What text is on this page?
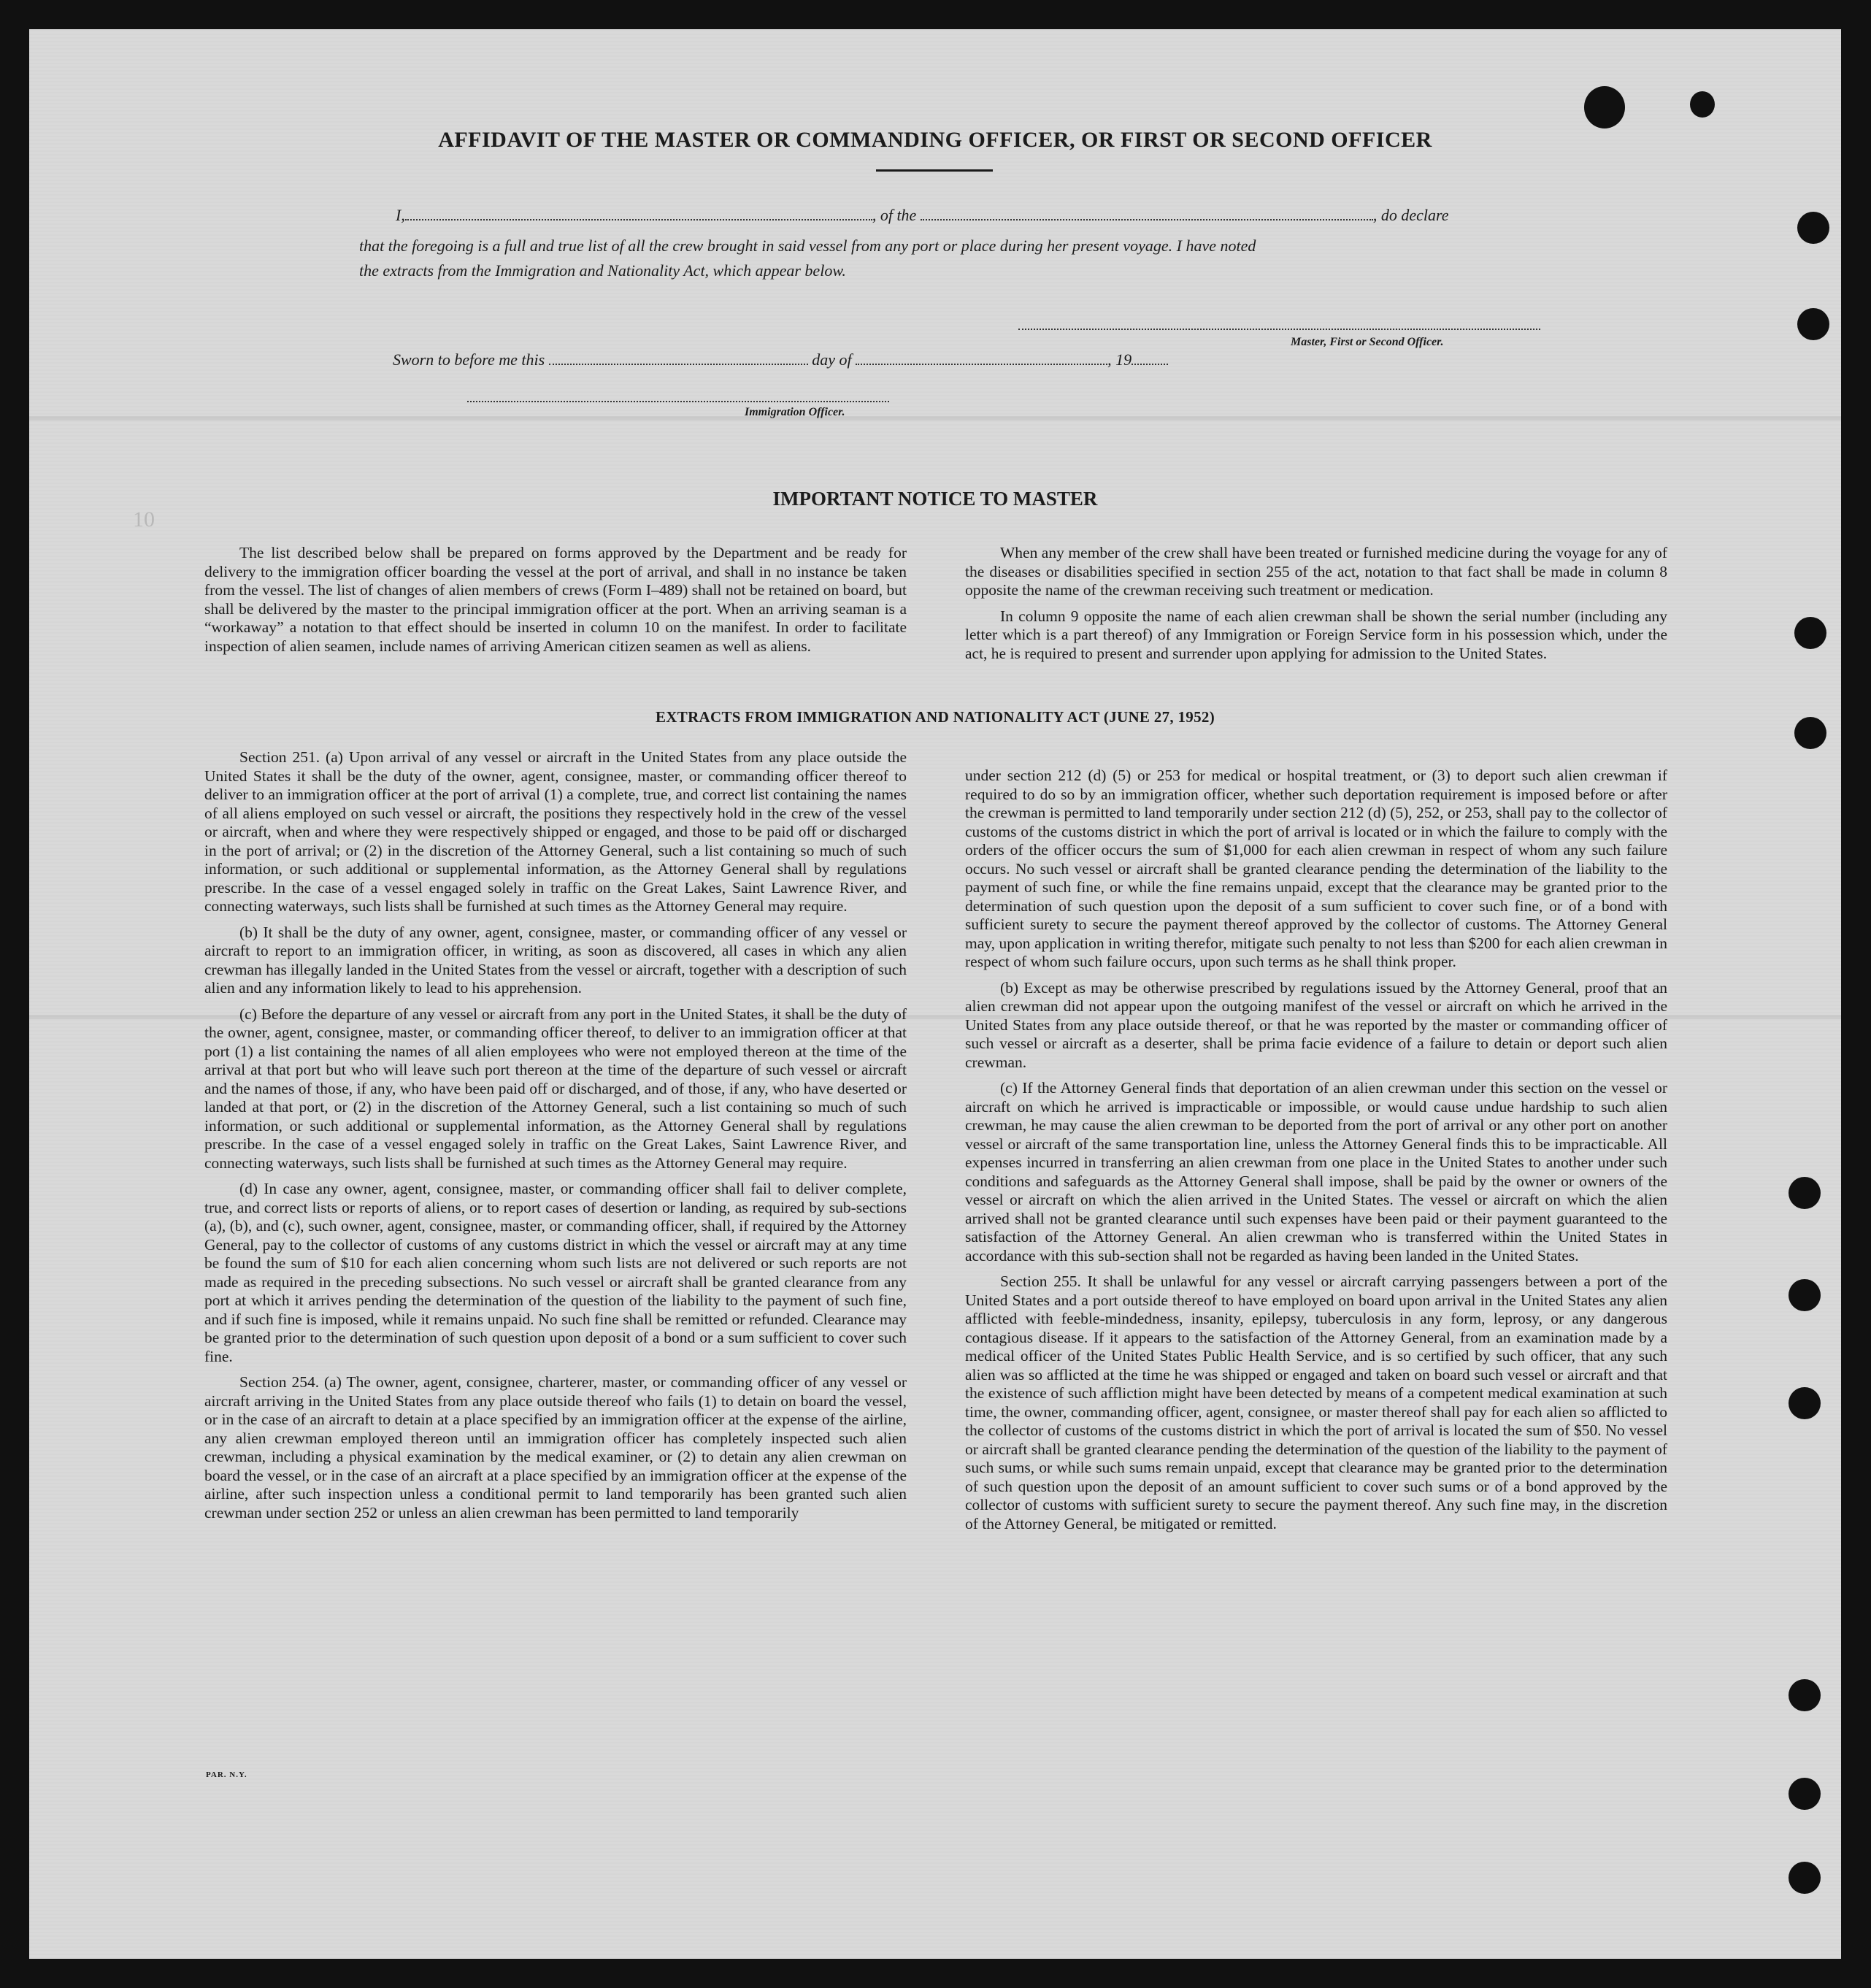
10
AFFIDAVIT OF THE MASTER OR COMMANDING OFFICER, OR FIRST OR SECOND OFFICER
I,	, of the	, do declare
that the foregoing is a full and true list of all the crew brought in said vessel from any port or place during her present voyage. I have noted
the extracts from the Immigration and Nationality Act, which appear below.
Master, First or Second Officer.
Sworn to before me this	day of	, 19
Immigration Officer.
IMPORTANT NOTICE TO MASTER

The list described below shall be prepared on forms approved by the Department and be ready for delivery to the immigration officer boarding the vessel at the port of arrival, and shall in no instance be taken from the vessel. The list of changes of alien members of crews (Form I–489) shall not be retained on board, but shall be delivered by the master to the principal immigration officer at the port. When an arriving seaman is a “workaway” a notation to that effect should be inserted in column 10 on the manifest. In order to facilitate inspection of alien seamen, include names of arriving American citizen seamen as well as aliens.

When any member of the crew shall have been treated or furnished medicine during the voyage for any of the diseases or disabilities specified in section 255 of the act, notation to that fact shall be made in column 8 opposite the name of the crewman receiving such treatment or medication.

In column 9 opposite the name of each alien crewman shall be shown the serial number (including any letter which is a part thereof) of any Immigration or Foreign Service form in his possession which, under the act, he is required to present and surrender upon applying for admission to the United States.

EXTRACTS FROM IMMIGRATION AND NATIONALITY ACT (JUNE 27, 1952)

Section 251. (a) Upon arrival of any vessel or aircraft in the United States from any place outside the United States it shall be the duty of the owner, agent, consignee, master, or commanding officer thereof to deliver to an immigration officer at the port of arrival (1) a complete, true, and correct list containing the names of all aliens employed on such vessel or aircraft, the positions they respectively hold in the crew of the vessel or aircraft, when and where they were respectively shipped or engaged, and those to be paid off or discharged in the port of arrival; or (2) in the discretion of the Attorney General, such a list containing so much of such information, or such additional or supplemental information, as the Attorney General shall by regulations prescribe. In the case of a vessel engaged solely in traffic on the Great Lakes, Saint Lawrence River, and connecting waterways, such lists shall be furnished at such times as the Attorney General may require.

(b) It shall be the duty of any owner, agent, consignee, master, or commanding officer of any vessel or aircraft to report to an immigration officer, in writing, as soon as discovered, all cases in which any alien crewman has illegally landed in the United States from the vessel or aircraft, together with a description of such alien and any information likely to lead to his apprehension.

(c) Before the departure of any vessel or aircraft from any port in the United States, it shall be the duty of the owner, agent, consignee, master, or commanding officer thereof, to deliver to an immigration officer at that port (1) a list containing the names of all alien employees who were not employed thereon at the time of the arrival at that port but who will leave such port thereon at the time of the departure of such vessel or aircraft and the names of those, if any, who have been paid off or discharged, and of those, if any, who have deserted or landed at that port, or (2) in the discretion of the Attorney General, such a list containing so much of such information, or such additional or supplemental information, as the Attorney General shall by regulations prescribe. In the case of a vessel engaged solely in traffic on the Great Lakes, Saint Lawrence River, and connecting waterways, such lists shall be furnished at such times as the Attorney General may require.

(d) In case any owner, agent, consignee, master, or commanding officer shall fail to deliver complete, true, and correct lists or reports of aliens, or to report cases of desertion or landing, as required by sub-sections (a), (b), and (c), such owner, agent, consignee, master, or commanding officer, shall, if required by the Attorney General, pay to the collector of customs of any customs district in which the vessel or aircraft may at any time be found the sum of $10 for each alien concerning whom such lists are not delivered or such reports are not made as required in the preceding subsections. No such vessel or aircraft shall be granted clearance from any port at which it arrives pending the determination of the question of the liability to the payment of such fine, and if such fine is imposed, while it remains unpaid. No such fine shall be remitted or refunded. Clearance may be granted prior to the determination of such question upon deposit of a bond or a sum sufficient to cover such fine.

Section 254. (a) The owner, agent, consignee, charterer, master, or commanding officer of any vessel or aircraft arriving in the United States from any place outside thereof who fails (1) to detain on board the vessel, or in the case of an aircraft to detain at a place specified by an immigration officer at the expense of the airline, any alien crewman employed thereon until an immigration officer has completely inspected such alien crewman, including a physical examination by the medical examiner, or (2) to detain any alien crewman on board the vessel, or in the case of an aircraft at a place specified by an immigration officer at the expense of the airline, after such inspection unless a conditional permit to land temporarily has been granted such alien crewman under section 252 or unless an alien crewman has been permitted to land temporarily

under section 212 (d) (5) or 253 for medical or hospital treatment, or (3) to deport such alien crewman if required to do so by an immigration officer, whether such deportation requirement is imposed before or after the crewman is permitted to land temporarily under section 212 (d) (5), 252, or 253, shall pay to the collector of customs of the customs district in which the port of arrival is located or in which the failure to comply with the orders of the officer occurs the sum of $1,000 for each alien crewman in respect of whom any such failure occurs. No such vessel or aircraft shall be granted clearance pending the determination of the liability to the payment of such fine, or while the fine remains unpaid, except that the clearance may be granted prior to the determination of such question upon the deposit of a sum sufficient to cover such fine, or of a bond with sufficient surety to secure the payment thereof approved by the collector of customs. The Attorney General may, upon application in writing therefor, mitigate such penalty to not less than $200 for each alien crewman in respect of whom such failure occurs, upon such terms as he shall think proper.

(b) Except as may be otherwise prescribed by regulations issued by the Attorney General, proof that an alien crewman did not appear upon the outgoing manifest of the vessel or aircraft on which he arrived in the United States from any place outside thereof, or that he was reported by the master or commanding officer of such vessel or aircraft as a deserter, shall be prima facie evidence of a failure to detain or deport such alien crewman.

(c) If the Attorney General finds that deportation of an alien crewman under this section on the vessel or aircraft on which he arrived is impracticable or impossible, or would cause undue hardship to such alien crewman, he may cause the alien crewman to be deported from the port of arrival or any other port on another vessel or aircraft of the same transportation line, unless the Attorney General finds this to be impracticable. All expenses incurred in transferring an alien crewman from one place in the United States to another under such conditions and safeguards as the Attorney General shall impose, shall be paid by the owner or owners of the vessel or aircraft on which the alien arrived in the United States. The vessel or aircraft on which the alien arrived shall not be granted clearance until such expenses have been paid or their payment guaranteed to the satisfaction of the Attorney General. An alien crewman who is transferred within the United States in accordance with this sub-section shall not be regarded as having been landed in the United States.

Section 255. It shall be unlawful for any vessel or aircraft carrying passengers between a port of the United States and a port outside thereof to have employed on board upon arrival in the United States any alien afflicted with feeble-mindedness, insanity, epilepsy, tuberculosis in any form, leprosy, or any dangerous contagious disease. If it appears to the satisfaction of the Attorney General, from an examination made by a medical officer of the United States Public Health Service, and is so certified by such officer, that any such alien was so afflicted at the time he was shipped or engaged and taken on board such vessel or aircraft and that the existence of such affliction might have been detected by means of a competent medical examination at such time, the owner, commanding officer, agent, consignee, or master thereof shall pay for each alien so afflicted to the collector of customs of the customs district in which the port of arrival is located the sum of $50. No vessel or aircraft shall be granted clearance pending the determination of the question of the liability to the payment of such sums, or while such sums remain unpaid, except that clearance may be granted prior to the determination of such question upon the deposit of an amount sufficient to cover such sums or of a bond approved by the collector of customs with sufficient surety to secure the payment thereof. Any such fine may, in the discretion of the Attorney General, be mitigated or remitted.

PAR. N.Y.
